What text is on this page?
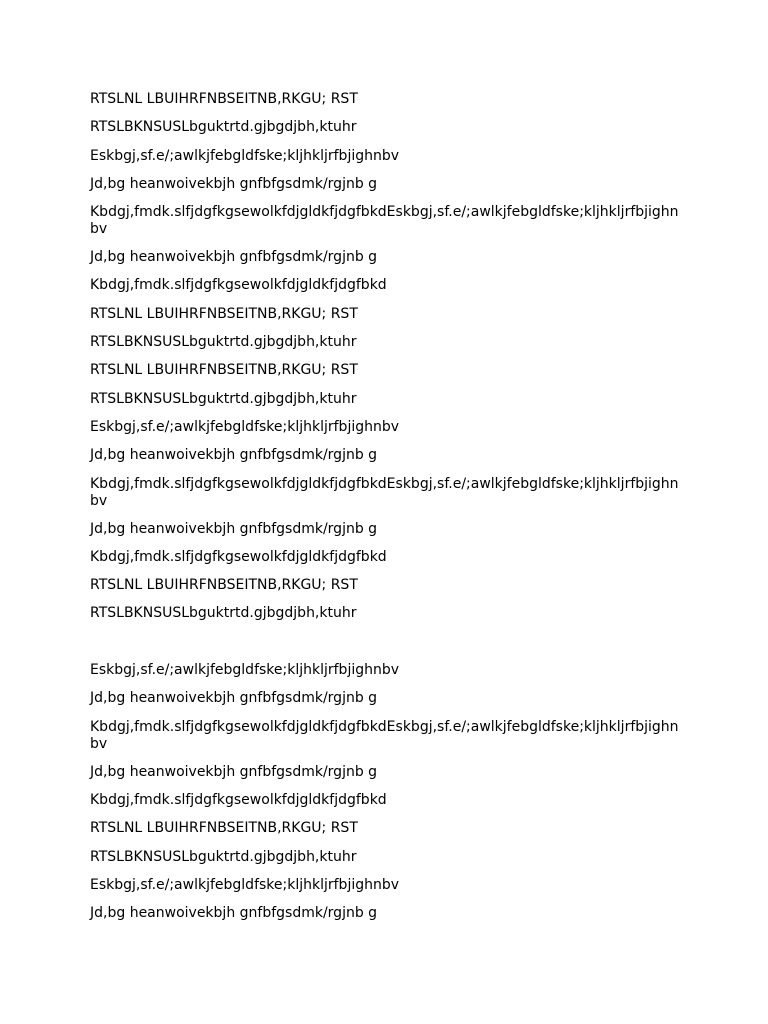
RTSLNL LBUIHRFNBSEITNB,RKGU; RST

RTSLBKNSUSLbguktrtd.gjbgdjbh,ktuhr

Eskbgj,sf.e/;awlkjfebgldfske;kljhkljrfbjighnbv

Jd,bg heanwoivekbjh gnfbfgsdmk/rgjnb g

Kbdgj,fmdk.slfjdgfkgsewolkfdjgldkfjdgfbkdEskbgj,sf.e/;awlkjfebgldfske;kljhkljrfbjighnbv

Jd,bg heanwoivekbjh gnfbfgsdmk/rgjnb g

Kbdgj,fmdk.slfjdgfkgsewolkfdjgldkfjdgfbkd

RTSLNL LBUIHRFNBSEITNB,RKGU; RST

RTSLBKNSUSLbguktrtd.gjbgdjbh,ktuhr

RTSLNL LBUIHRFNBSEITNB,RKGU; RST

RTSLBKNSUSLbguktrtd.gjbgdjbh,ktuhr

Eskbgj,sf.e/;awlkjfebgldfske;kljhkljrfbjighnbv

Jd,bg heanwoivekbjh gnfbfgsdmk/rgjnb g

Kbdgj,fmdk.slfjdgfkgsewolkfdjgldkfjdgfbkdEskbgj,sf.e/;awlkjfebgldfske;kljhkljrfbjighnbv

Jd,bg heanwoivekbjh gnfbfgsdmk/rgjnb g

Kbdgj,fmdk.slfjdgfkgsewolkfdjgldkfjdgfbkd

RTSLNL LBUIHRFNBSEITNB,RKGU; RST

RTSLBKNSUSLbguktrtd.gjbgdjbh,ktuhr

Eskbgj,sf.e/;awlkjfebgldfske;kljhkljrfbjighnbv

Jd,bg heanwoivekbjh gnfbfgsdmk/rgjnb g

Kbdgj,fmdk.slfjdgfkgsewolkfdjgldkfjdgfbkdEskbgj,sf.e/;awlkjfebgldfske;kljhkljrfbjighnbv

Jd,bg heanwoivekbjh gnfbfgsdmk/rgjnb g

Kbdgj,fmdk.slfjdgfkgsewolkfdjgldkfjdgfbkd

RTSLNL LBUIHRFNBSEITNB,RKGU; RST

RTSLBKNSUSLbguktrtd.gjbgdjbh,ktuhr

Eskbgj,sf.e/;awlkjfebgldfske;kljhkljrfbjighnbv

Jd,bg heanwoivekbjh gnfbfgsdmk/rgjnb g
